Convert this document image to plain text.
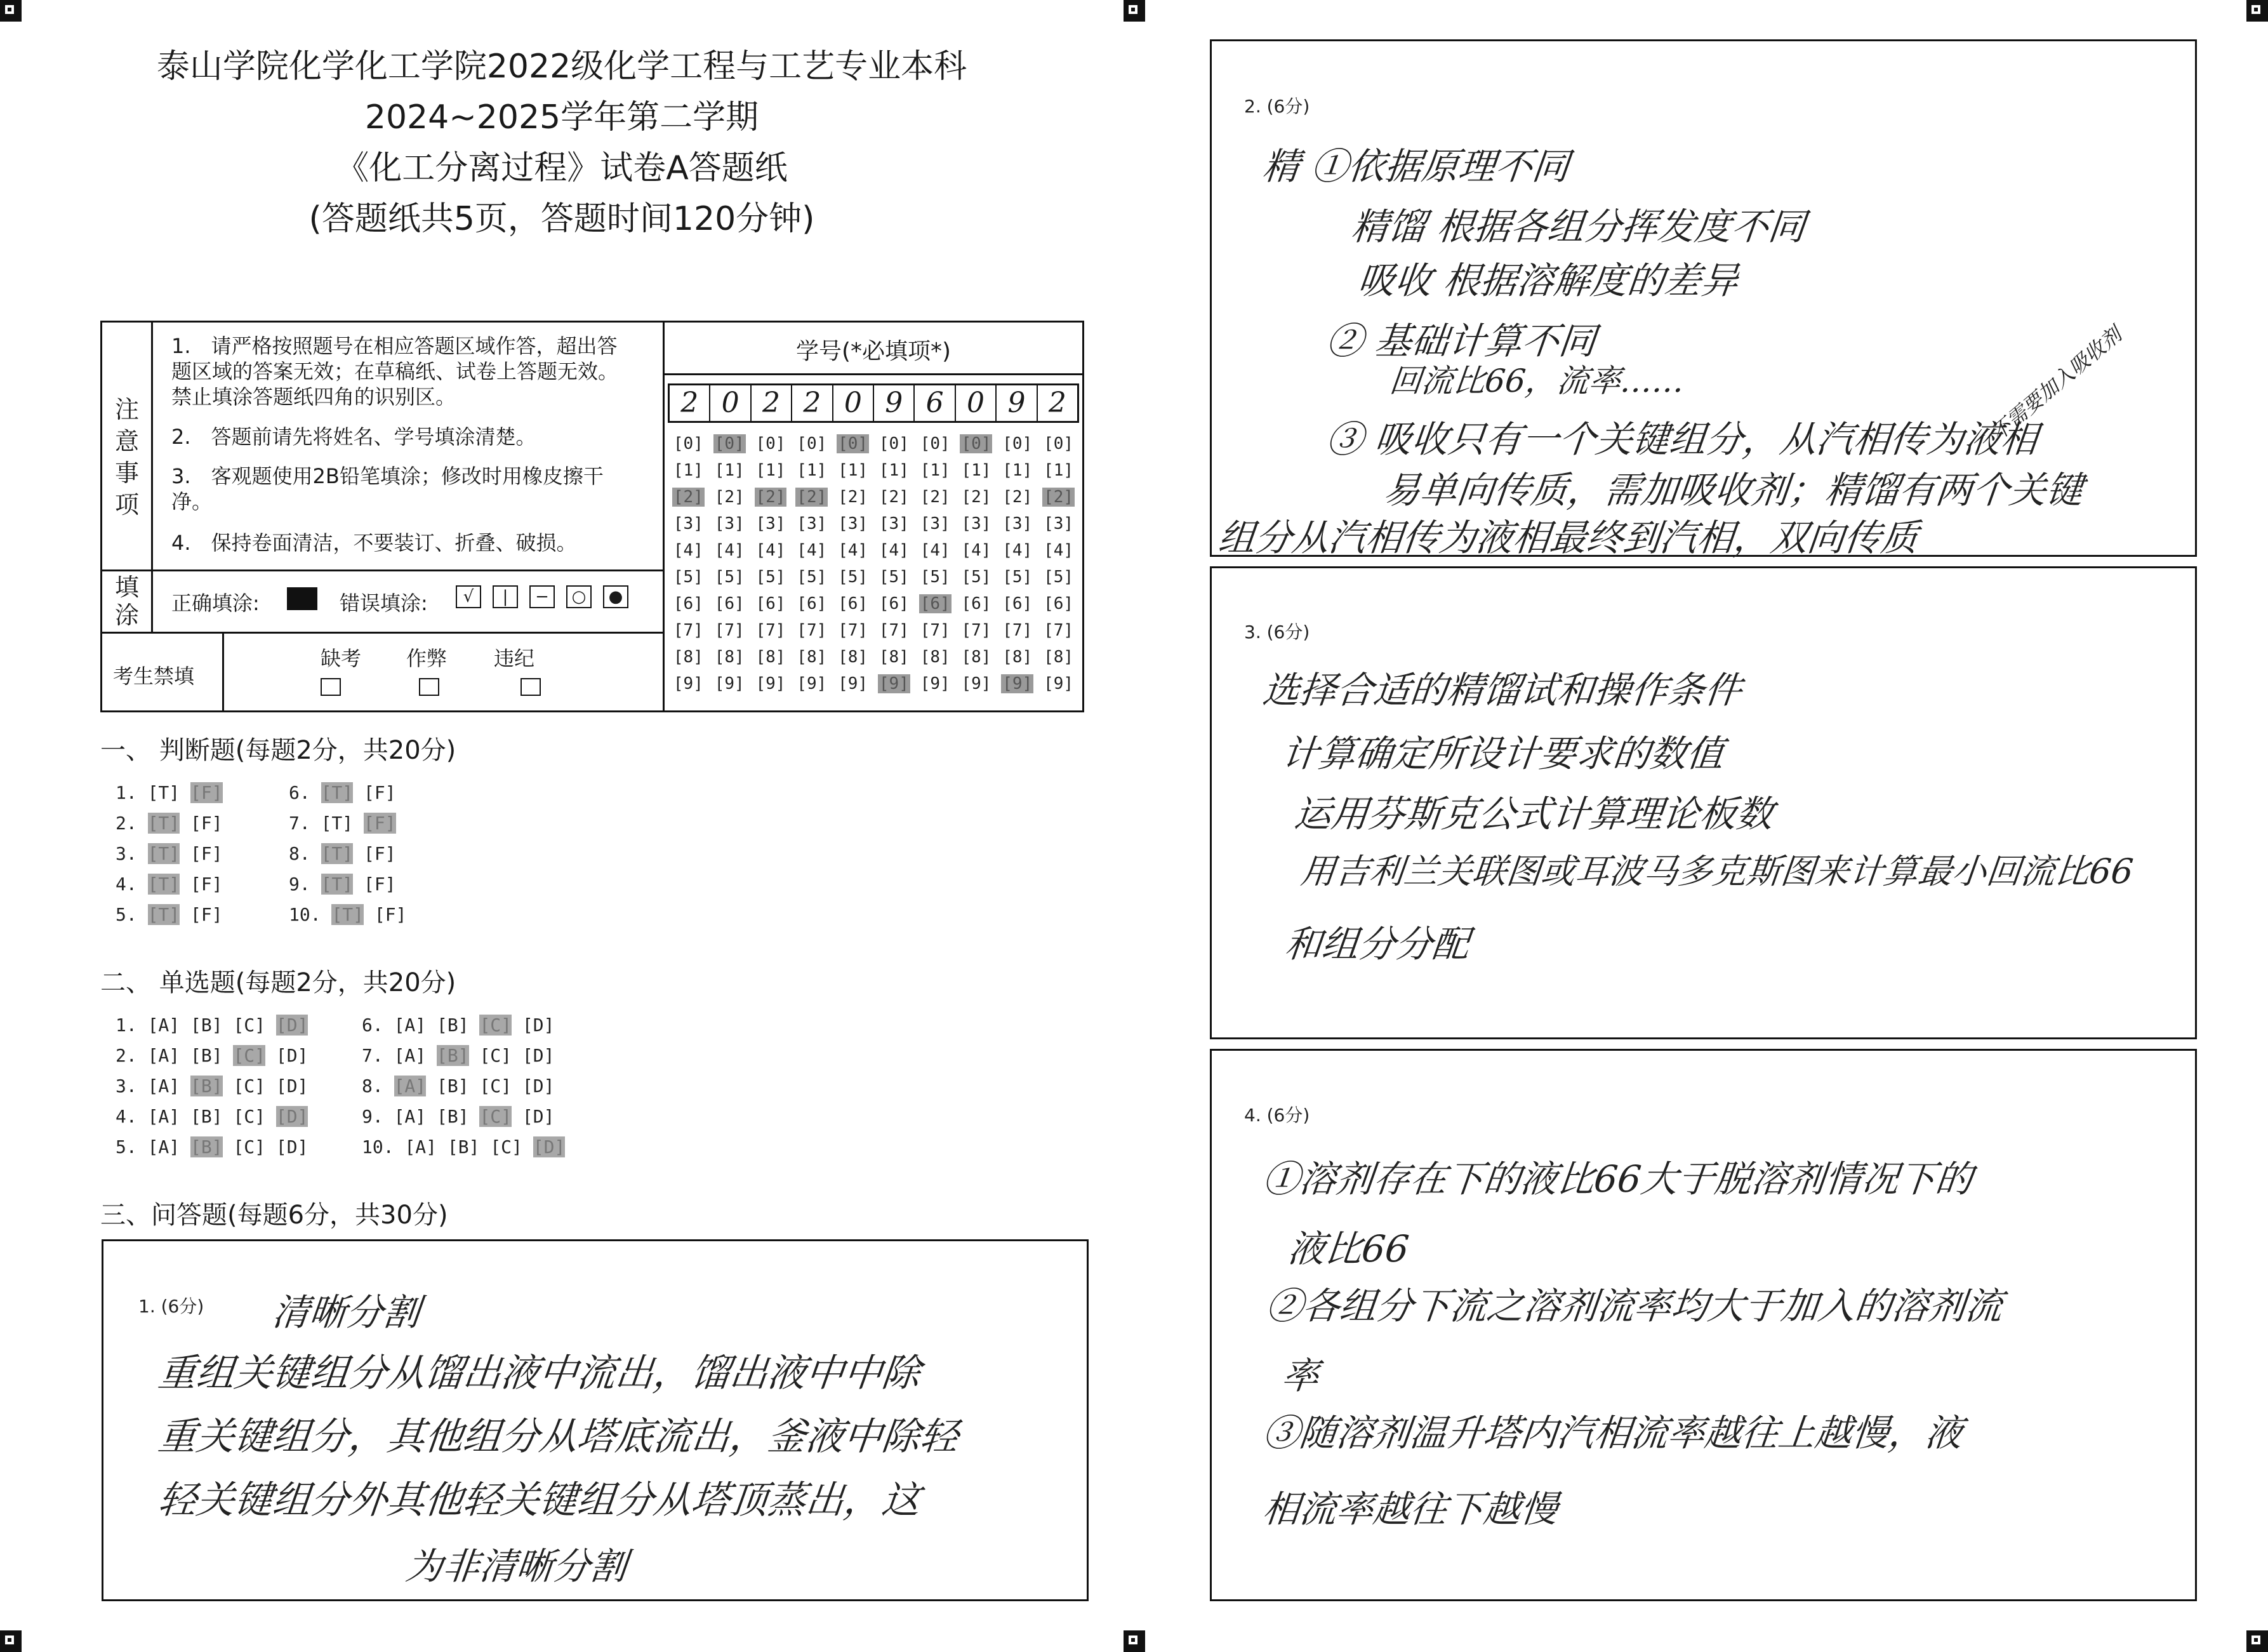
泰山学院化学化工学院2022级化学工程与工艺专业本科
2024~2025学年第二学期
《化工分离过程》试卷A答题纸
(答题纸共5页，答题时间120分钟)
注
意
事
项
1.　请严格按照题号在相应答题区域作答，超出答题区域的答案无效；在草稿纸、试卷上答题无效。禁止填涂答题纸四角的识别区。
2.　答题前请先将姓名、学号填涂清楚。
3.　客观题使用2B铅笔填涂；修改时用橡皮擦干净。
4.　保持卷面清洁，不要装订、折叠、破损。
填
涂	正确填涂:	错误填涂:	√	|	−	○	●
考生禁填
缺考 作弊 违纪
学号(*必填项*)
2 0 2 2 0 9 6 0 9 2
[0] [0] [0] [0] [0] [0] [0] [0] [0] [0]
[1] [1] [1] [1] [1] [1] [1] [1] [1] [1]
[2] [2] [2] [2] [2] [2] [2] [2] [2] [2]
[3] [3] [3] [3] [3] [3] [3] [3] [3] [3]
[4] [4] [4] [4] [4] [4] [4] [4] [4] [4]
[5] [5] [5] [5] [5] [5] [5] [5] [5] [5]
[6] [6] [6] [6] [6] [6] [6] [6] [6] [6]
[7] [7] [7] [7] [7] [7] [7] [7] [7] [7]
[8] [8] [8] [8] [8] [8] [8] [8] [8] [8]
[9] [9] [9] [9] [9] [9] [9] [9] [9] [9]
一、 判断题(每题2分，共20分)
1. [T] [F]
2. [T] [F]
3. [T] [F]
4. [T] [F]
5. [T] [F]
6. [T] [F]
7. [T] [F]
8. [T] [F]
9. [T] [F]
10. [T] [F]
二、 单选题(每题2分，共20分)
1. [A] [B] [C] [D]
2. [A] [B] [C] [D]
3. [A] [B] [C] [D]
4. [A] [B] [C] [D]
5. [A] [B] [C] [D]
6. [A] [B] [C] [D]
7. [A] [B] [C] [D]
8. [A] [B] [C] [D]
9. [A] [B] [C] [D]
10. [A] [B] [C] [D]
三、问答题(每题6分，共30分)
1. (6分) 清晰分割
重组关键组分从馏出液中流出，馏出液中中除
重关键组分，其他组分从塔底流出，釜液中除轻
轻关键组分外其他轻关键组分从塔顶蒸出，这
为非清晰分割
2. (6分)
精 ①依据原理不同
精馏 根据各组分挥发度不同
吸收 根据溶解度的差异
② 基础计算不同
回流比66，流率……
③ 吸收只有一个关键组分，从汽相传为液相
易单向传质，需加吸收剂；精馏有两个关键
组分从汽相传为液相最终到汽相，双向传质
不需要加入吸收剂
3. (6分)
选择合适的精馏试和操作条件
计算确定所设计要求的数值
运用芬斯克公式计算理论板数
用吉利兰关联图或耳波马多克斯图来计算最小回流比66
和组分分配
4. (6分)
①溶剂存在下的液比66大于脱溶剂情况下的
液比66
②各组分下流之溶剂流率均大于加入的溶剂流
率
③随溶剂温升塔内汽相流率越往上越慢，液
相流率越往下越慢
